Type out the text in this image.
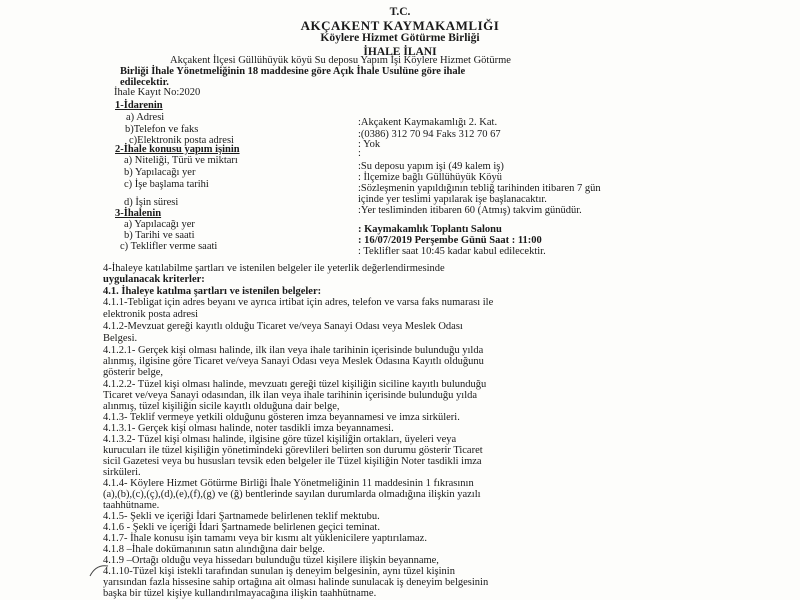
T.C.
AKÇAKENT KAYMAKAMLIĞI
Köylere Hizmet Götürme Birliği
İHALE İLANI
Akçakent İlçesi Güllühüyük köyü Su deposu Yapım İşi Köylere Hizmet Götürme
Birliği İhale Yönetmeliğinin 18 maddesine göre Açık İhale Usulüne göre ihale
edilecektir.
İhale Kayıt No:2020
1-İdarenin
a) Adresi
b)Telefon ve faks
c)Elektronik posta adresi
:Akçakent Kaymakamlığı 2. Kat.
:(0386) 312 70 94 Faks 312 70 67
: Yok
2-İhale konusu yapım işinin	:
a) Niteliği, Türü ve miktarı
b) Yapılacağı yer
c) İşe başlama tarihi
d) İşin süresi
:Su deposu yapım işi (49 kalem iş)
: İlçemize bağlı Güllühüyük Köyü
:Sözleşmenin yapıldığının tebliğ tarihinden itibaren 7 gün
içinde yer teslimi yapılarak işe başlanacaktır.
:Yer tesliminden itibaren 60 (Atmış) takvim günüdür.
3-İhalenin
a) Yapılacağı yer
b) Tarihi ve saati
c) Teklifler verme saati
: Kaymakamlık Toplantı Salonu
: 16/07/2019 Perşembe Günü Saat : 11:00
: Teklifler saat 10:45 kadar kabul edilecektir.
4-İhaleye katılabilme şartları ve istenilen belgeler ile yeterlik değerlendirmesinde
uygulanacak kriterler:
4.1. İhaleye katılma şartları ve istenilen belgeler:
4.1.1-Tebligat için adres beyanı ve ayrıca irtibat için adres, telefon ve varsa faks numarası ile
elektronik posta adresi
4.1.2-Mevzuat gereği kayıtlı olduğu Ticaret ve/veya Sanayi Odası veya Meslek Odası
Belgesi.
4.1.2.1- Gerçek kişi olması halinde, ilk ilan veya ihale tarihinin içerisinde bulunduğu yılda
alınmış, ilgisine göre Ticaret ve/veya Sanayi Odası veya Meslek Odasına Kayıtlı olduğunu
gösterir belge,
4.1.2.2- Tüzel kişi olması halinde, mevzuatı gereği tüzel kişiliğin siciline kayıtlı bulunduğu
Ticaret ve/veya Sanayi odasından, ilk ilan veya ihale tarihinin içerisinde bulunduğu yılda
alınmış, tüzel kişiliğin sicile kayıtlı olduğuna dair belge,
4.1.3- Teklif vermeye yetkili olduğunu gösteren imza beyannamesi ve imza sirküleri.
4.1.3.1- Gerçek kişi olması halinde, noter tasdikli imza beyannamesi.
4.1.3.2- Tüzel kişi olması halinde, ilgisine göre tüzel kişiliğin ortakları, üyeleri veya
kurucuları ile tüzel kişiliğin yönetimindeki görevlileri belirten son durumu gösterir Ticaret
sicil Gazetesi veya bu hususları tevsik eden belgeler ile Tüzel kişiliğin Noter tasdikli imza
sirküleri.
4.1.4- Köylere Hizmet Götürme Birliği İhale Yönetmeliğinin 11 maddesinin 1 fıkrasının
(a),(b),(c),(ç),(d),(e),(f),(g) ve (ğ) bentlerinde sayılan durumlarda olmadığına ilişkin yazılı
taahhütname.
4.1.5- Şekli ve içeriği İdari Şartnamede belirlenen teklif mektubu.
4.1.6 - Şekli ve içeriği İdari Şartnamede belirlenen geçici teminat.
4.1.7- İhale konusu işin tamamı veya bir kısmı alt yüklenicilere yaptırılamaz.
4.1.8 –İhale dokümanının satın alındığına dair belge.
4.1.9 –Ortağı olduğu veya hissedarı bulunduğu tüzel kişilere ilişkin beyanname,
4.1.10-Tüzel kişi istekli tarafından sunulan iş deneyim belgesinin, aynı tüzel kişinin
yarısından fazla hissesine sahip ortağına ait olması halinde sunulacak iş deneyim belgesinin
başka bir tüzel kişiye kullandırılmayacağına ilişkin taahhütname.
